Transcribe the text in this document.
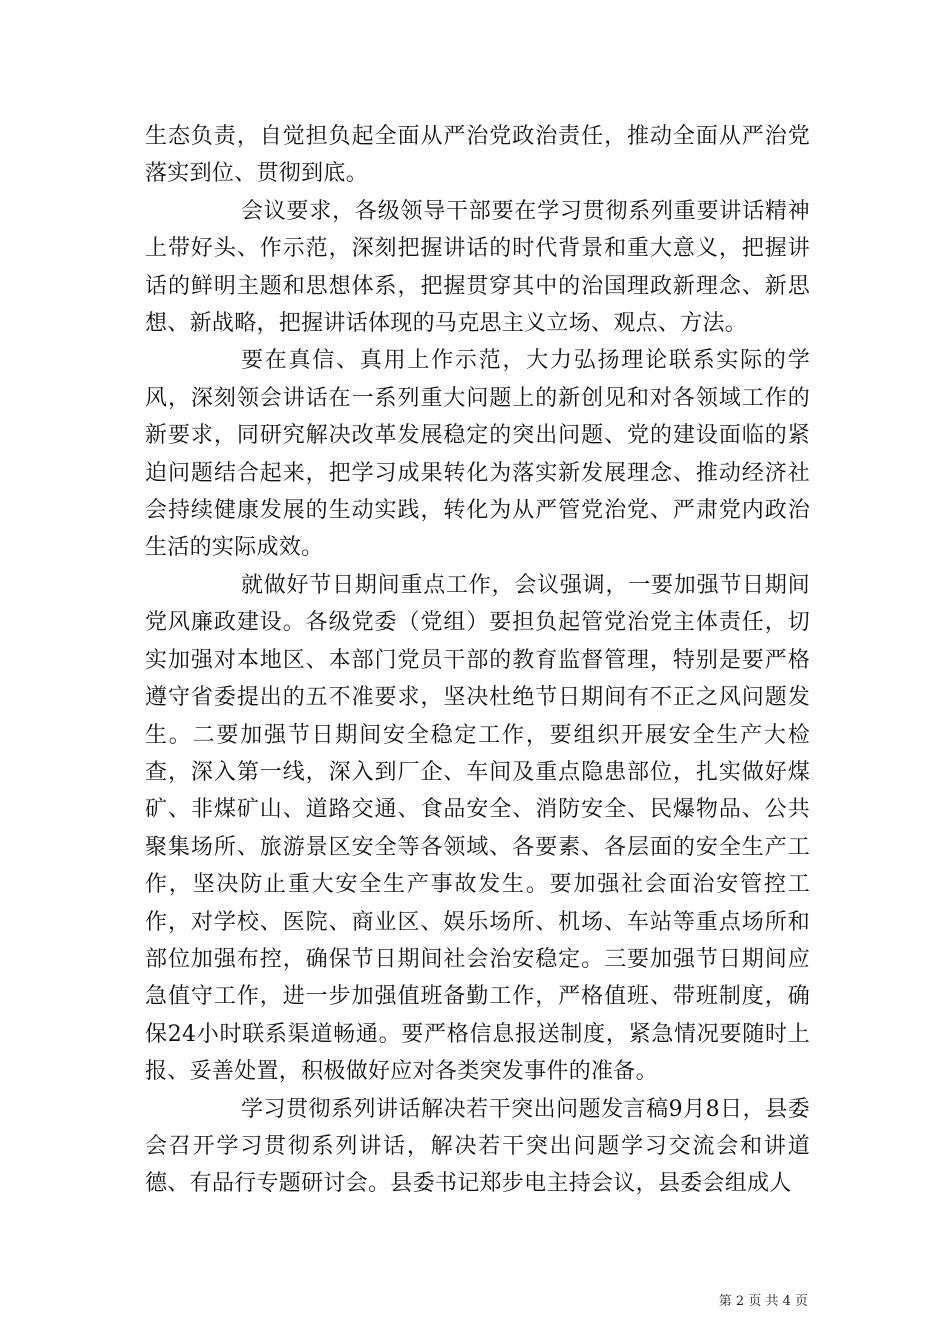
生态负责，自觉担负起全面从严治党政治责任，推动全面从严治党落实到位、贯彻到底。

会议要求，各级领导干部要在学习贯彻系列重要讲话精神上带好头、作示范，深刻把握讲话的时代背景和重大意义，把握讲话的鲜明主题和思想体系，把握贯穿其中的治国理政新理念、新思想、新战略，把握讲话体现的马克思主义立场、观点、方法。

要在真信、真用上作示范，大力弘扬理论联系实际的学风，深刻领会讲话在一系列重大问题上的新创见和对各领域工作的新要求，同研究解决改革发展稳定的突出问题、党的建设面临的紧迫问题结合起来，把学习成果转化为落实新发展理念、推动经济社会持续健康发展的生动实践，转化为从严管党治党、严肃党内政治生活的实际成效。

就做好节日期间重点工作，会议强调，一要加强节日期间党风廉政建设。各级党委（党组）要担负起管党治党主体责任，切实加强对本地区、本部门党员干部的教育监督管理，特别是要严格遵守省委提出的五不准要求，坚决杜绝节日期间有不正之风问题发生。二要加强节日期间安全稳定工作，要组织开展安全生产大检查，深入第一线，深入到厂企、车间及重点隐患部位，扎实做好煤矿、非煤矿山、道路交通、食品安全、消防安全、民爆物品、公共聚集场所、旅游景区安全等各领域、各要素、各层面的安全生产工作，坚决防止重大安全生产事故发生。要加强社会面治安管控工作，对学校、医院、商业区、娱乐场所、机场、车站等重点场所和部位加强布控，确保节日期间社会治安稳定。三要加强节日期间应急值守工作，进一步加强值班备勤工作，严格值班、带班制度，确保24小时联系渠道畅通。要严格信息报送制度，紧急情况要随时上报、妥善处置，积极做好应对各类突发事件的准备。

学习贯彻系列讲话解决若干突出问题发言稿9月8日，县委会召开学习贯彻系列讲话，解决若干突出问题学习交流会和讲道德、有品行专题研讨会。县委书记郑步电主持会议，县委会组成人

第 2 页 共 4 页
